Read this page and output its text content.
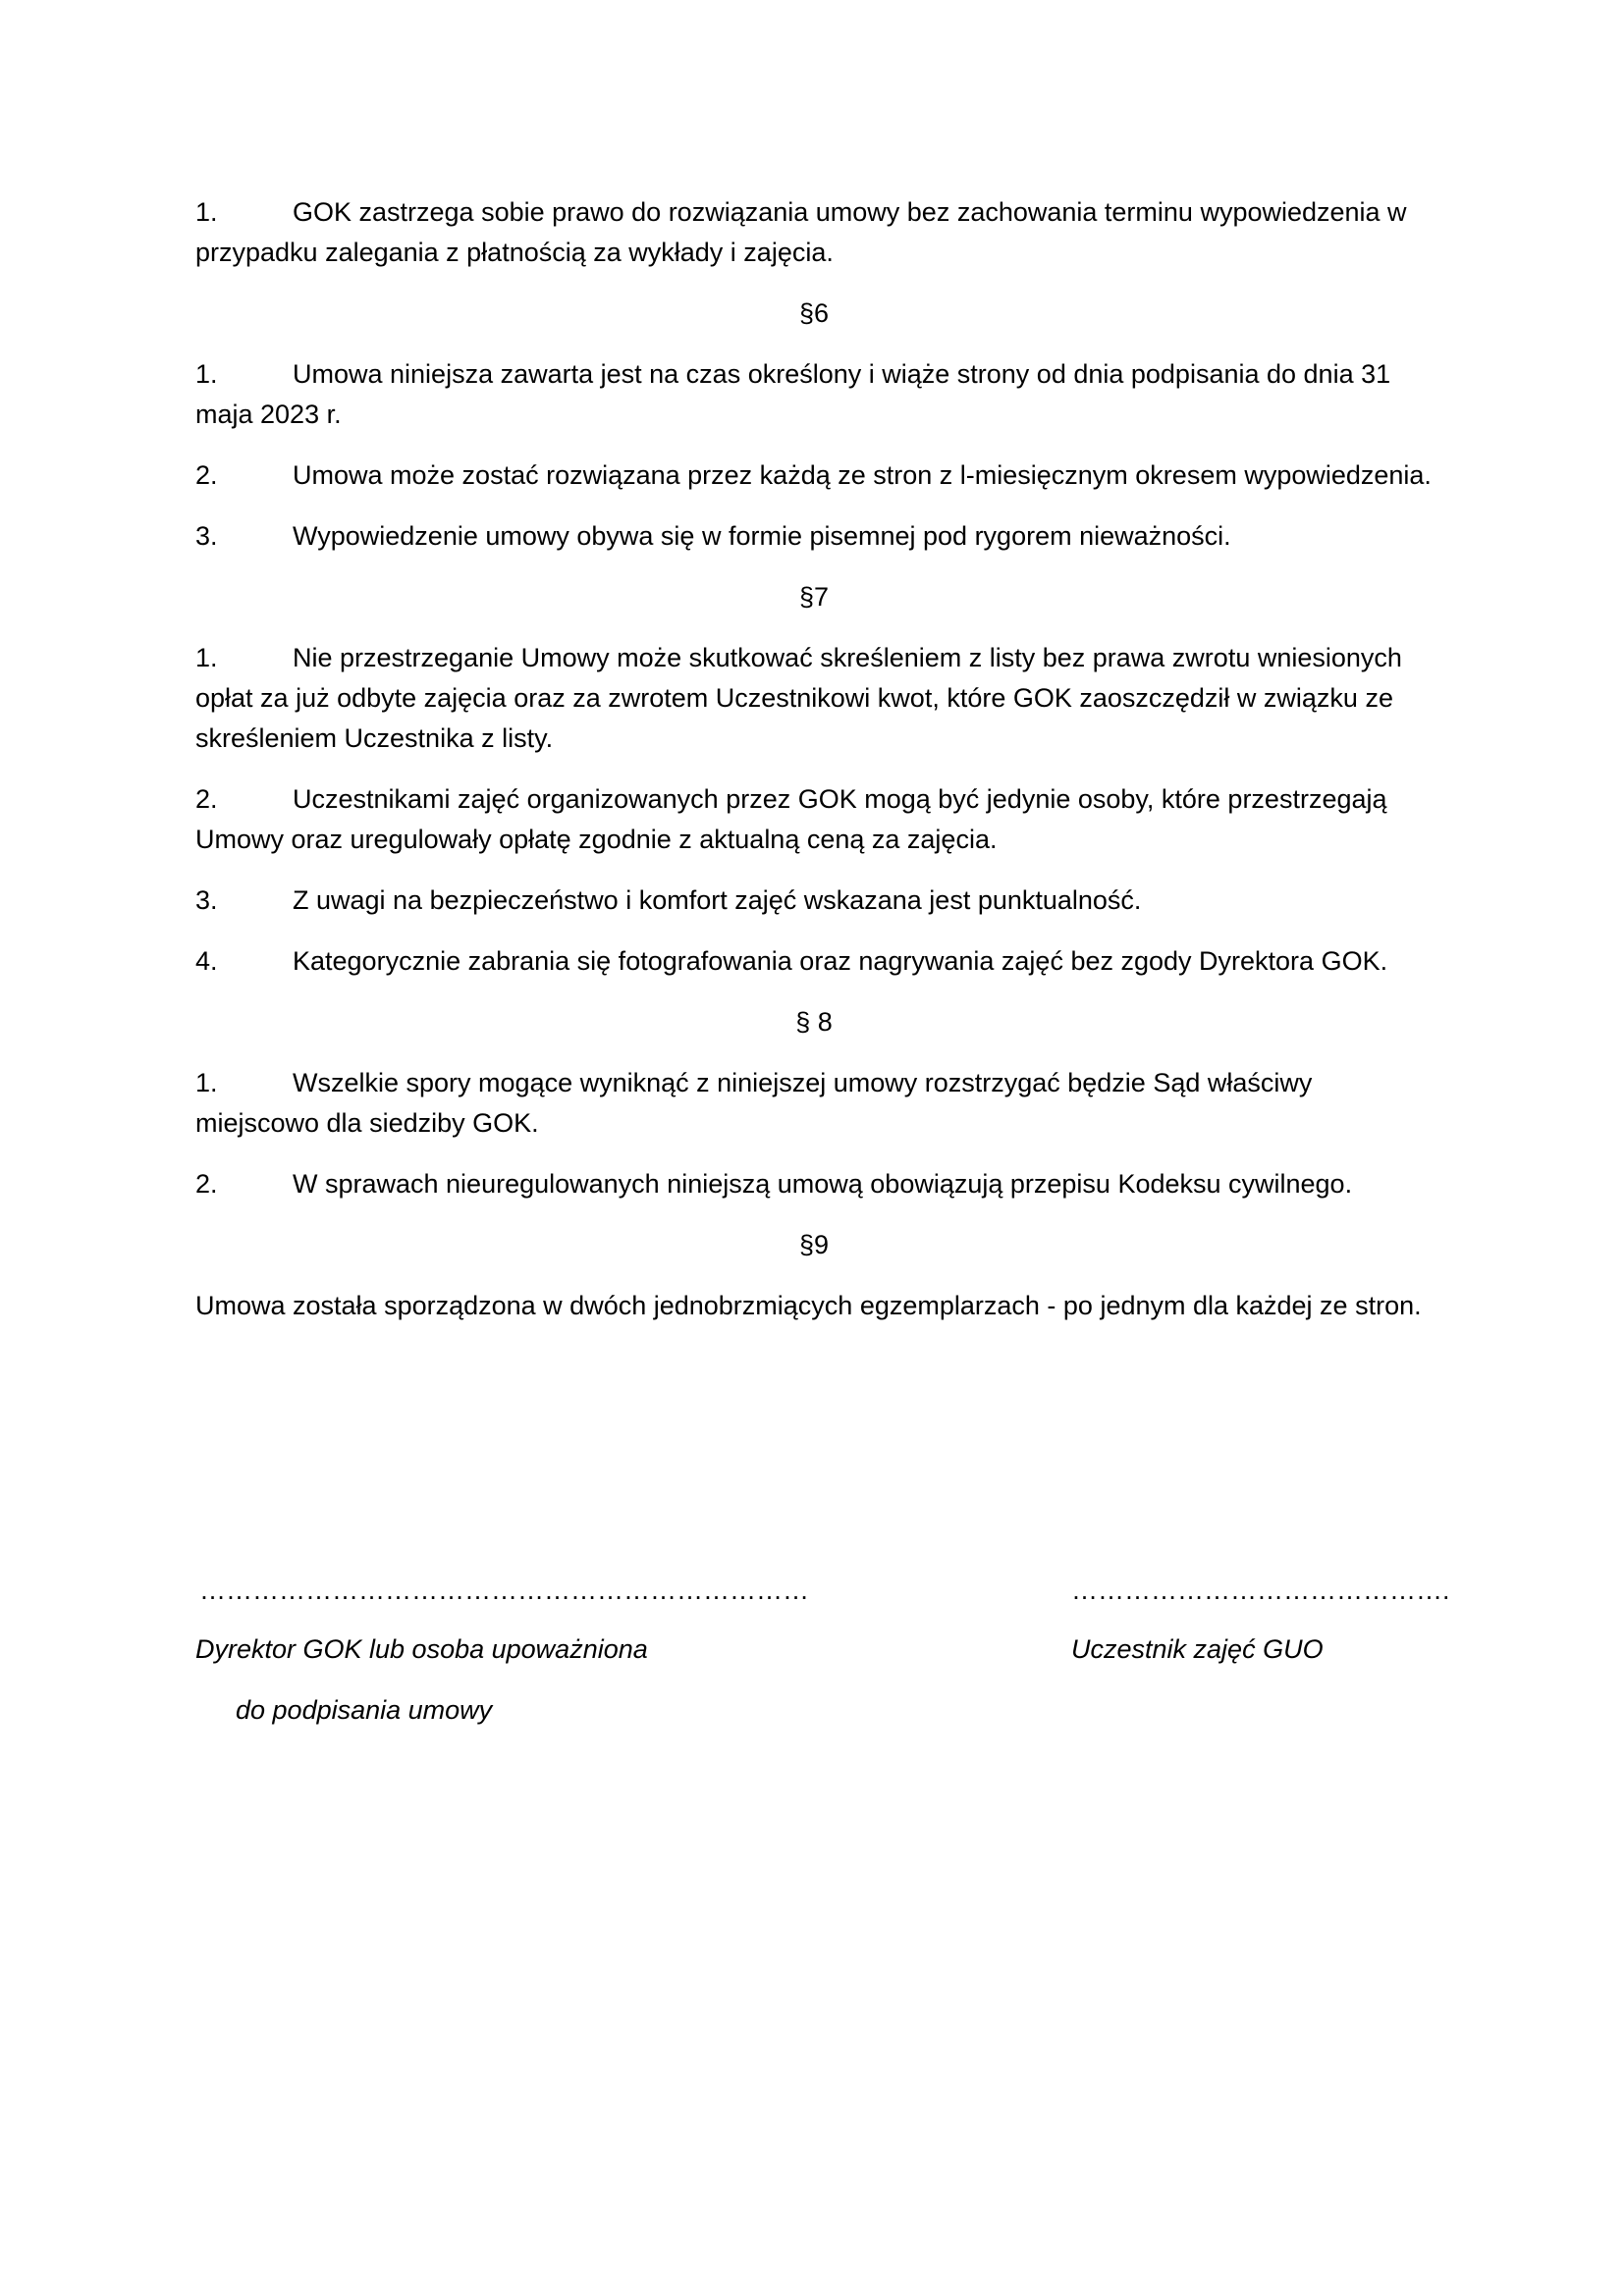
1.	GOK zastrzega sobie prawo do rozwiązania umowy bez zachowania terminu wypowiedzenia w przypadku zalegania z płatnością za wykłady i zajęcia.

§6

1.	Umowa niniejsza zawarta jest na czas określony i wiąże strony od dnia podpisania do dnia 31 maja 2023 r.

2.	Umowa może zostać rozwiązana przez każdą ze stron z l-miesięcznym okresem wypowiedzenia.

3.	Wypowiedzenie umowy obywa się w formie pisemnej pod rygorem nieważności.

§7

1.	Nie przestrzeganie Umowy może skutkować skreśleniem z listy bez prawa zwrotu wniesionych opłat za już odbyte zajęcia oraz za zwrotem Uczestnikowi kwot, które GOK zaoszczędził w związku ze skreśleniem Uczestnika z listy.

2.	Uczestnikami zajęć organizowanych przez GOK mogą być jedynie osoby, które przestrzegają Umowy oraz uregulowały opłatę zgodnie z aktualną ceną za zajęcia.

3.	Z uwagi na bezpieczeństwo i komfort zajęć wskazana jest punktualność.

4.	Kategorycznie zabrania się fotografowania oraz nagrywania zajęć bez zgody Dyrektora GOK.

§ 8

1.	Wszelkie spory mogące wyniknąć z niniejszej umowy rozstrzygać będzie Sąd właściwy miejscowo dla siedziby GOK.

2.	W sprawach nieuregulowanych niniejszą umową obowiązują przepisu Kodeksu cywilnego.

§9

Umowa została sporządzona w dwóch jednobrzmiących egzemplarzach - po jednym dla każdej ze stron.

……………………………………………………………
Dyrektor GOK lub osoba upoważniona
do podpisania umowy
…………………………………….
Uczestnik zajęć GUO
